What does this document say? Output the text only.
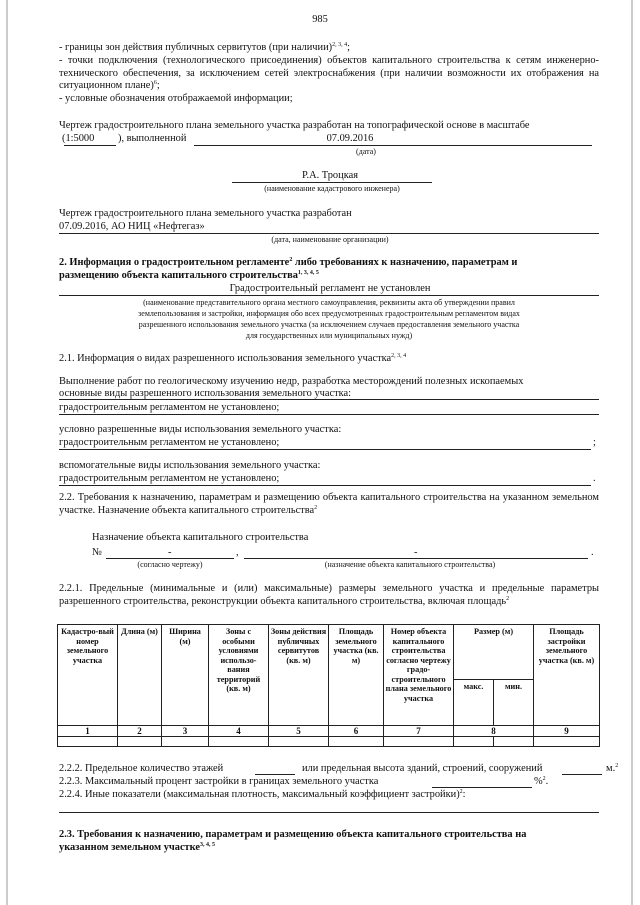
985
- границы зон действия публичных сервитутов (при наличии)$^{2, 3, 4}$;
- точки подключения (технологического присоединения) объектов капитального строительства к сетям инженерно-технического обеспечения, за исключением сетей электроснабжения (при наличии возможности их отображения на ситуационном плане)$^6$;
- условные обозначения отображаемой информации;
Чертеж градостроительного плана земельного участка разработан на топографической основе в масштабе
(1:5000 ), выполненной	07.09.2016
(дата)
Р.А. Троцкая
(наименование кадастрового инженера)
Чертеж градостроительного плана земельного участка разработан
07.09.2016, АО НИЦ «Нефтегаз»
(дата, наименование организации)
2. Информация о градостроительном регламенте$^2$ либо требованиях к назначению, параметрам и
размещению объекта капитального строительства$^{1, 3, 4, 5}$
Градостроительный регламент не установлен
(наименование представительного органа местного самоуправления, реквизиты акта об утверждении правил
землепользования и застройки, информация обо всех предусмотренных градостроительным регламентом видах
разрешенного использования земельного участка (за исключением случаев предоставления земельного участка
для государственных или муниципальных нужд)
2.1. Информация о видах разрешенного использования земельного участка$^{2, 3, 4}$
Выполнение работ по геологическому изучению недр, разработка месторождений полезных ископаемых
основные виды разрешенного использования земельного участка:
градостроительным регламентом не установлено;
условно разрешенные виды использования земельного участка:
градостроительным регламентом не установлено;	;
вспомогательные виды использования земельного участка:
градостроительным регламентом не установлено;	.
2.2. Требования к назначению, параметрам и размещению объекта капитального строительства на указанном земельном участке. Назначение объекта капитального строительства$^2$
Назначение объекта капитального строительства
№	-	,	-	.
(согласно чертежу)	(назначение объекта капитального строительства)
2.2.1. Предельные (минимальные и (или) максимальные) размеры земельного участка и предельные параметры разрешенного строительства, реконструкции объекта капитального строительства, включая площадь$^2$
Кадастро-вый номер земельного участка	Длина (м)	Ширина (м)	Зоны с особыми условиями использо-вания территорий (кв. м)	Зоны действия публичных сервитутов (кв. м)	Площадь земельного участка (кв. м)	Номер объекта капитального строительства согласно чертежу градо-строительного плана земельного участка	Размер (м)		Площадь застройки земельного участка (кв. м)
							макс.	мин.	
1	2	3	4	5	6	7	8		9

2.2.2. Предельное количество этажей	или предельная высота зданий, строений, сооружений	м.$^2$
2.2.3. Максимальный процент застройки в границах земельного участка	%$^2$.
2.2.4. Иные показатели (максимальная плотность, максимальный коэффициент застройки)$^2$:
2.3. Требования к назначению, параметрам и размещению объекта капитального строительства на
указанном земельном участке$^{3, 4, 5}$
